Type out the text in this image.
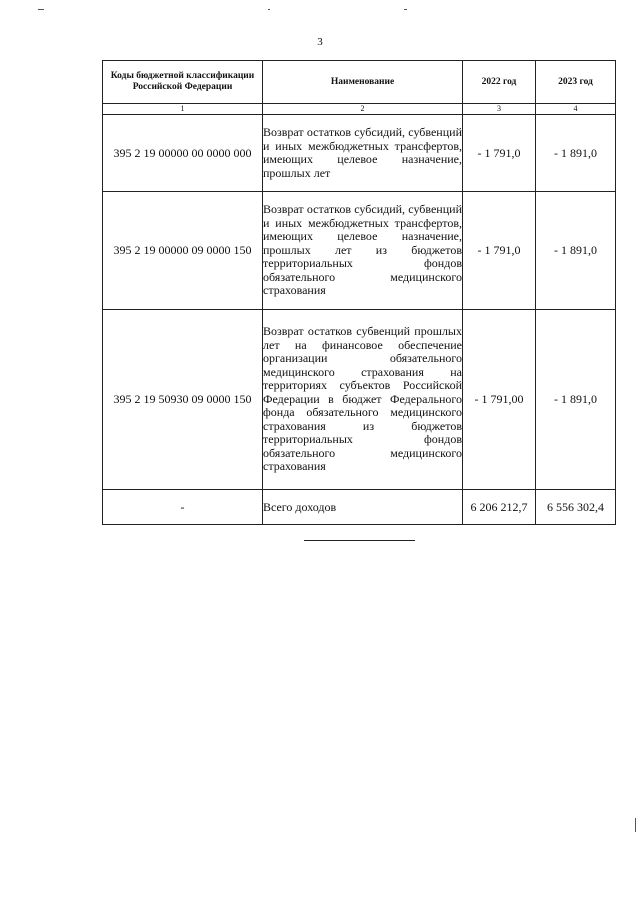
3
Коды бюджетной классификации Российской Федерации	Наименование	2022 год	2023 год
1	2	3	4
395 2 19 00000 00 0000 000	Возврат остатков субсидий, субвенций и иных межбюджетных трансфертов, имеющих целевое назначение, прошлых лет	- 1 791,0	- 1 891,0
395 2 19 00000 09 0000 150	Возврат остатков субсидий, субвенций и иных межбюджетных трансфертов, имеющих целевое назначение, прошлых лет из бюджетов территориальных фондов обязательного медицинского страхования	- 1 791,0	- 1 891,0
395 2 19 50930 09 0000 150	Возврат остатков субвенций прошлых лет на финансовое обеспечение организации обязательного медицинского страхования на территориях субъектов Российской Федерации в бюджет Федерального фонда обязательного медицинского страхования из бюджетов территориальных фондов обязательного медицинского страхования	- 1 791,00	- 1 891,0
-	Всего доходов	6 206 212,7	6 556 302,4
